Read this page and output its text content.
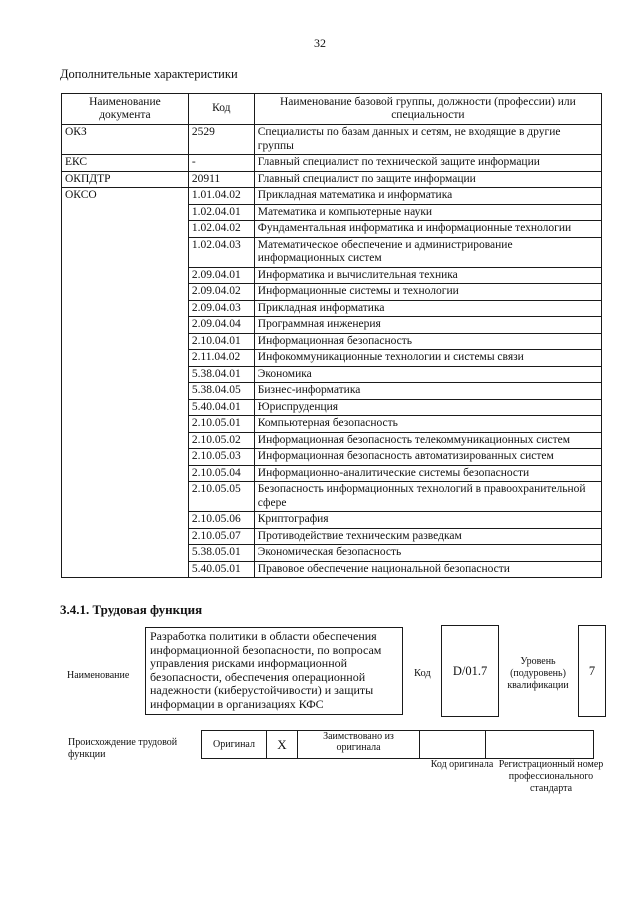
32
Дополнительные характеристики
Наименование документа	Код	Наименование базовой группы, должности (профессии) или специальности
ОКЗ	2529	Специалисты по базам данных и сетям, не входящие в другие группы
ЕКС	-	Главный специалист по технической защите информации
ОКПДТР	20911	Главный специалист по защите информации
ОКСО	1.01.04.02	Прикладная математика и информатика
	1.02.04.01	Математика и компьютерные науки
	1.02.04.02	Фундаментальная информатика и информационные технологии
	1.02.04.03	Математическое обеспечение и администрирование информационных систем
	2.09.04.01	Информатика и вычислительная техника
	2.09.04.02	Информационные системы и технологии
	2.09.04.03	Прикладная информатика
	2.09.04.04	Программная инженерия
	2.10.04.01	Информационная безопасность
	2.11.04.02	Инфокоммуникационные технологии и системы связи
	5.38.04.01	Экономика
	5.38.04.05	Бизнес-информатика
	5.40.04.01	Юриспруденция
	2.10.05.01	Компьютерная безопасность
	2.10.05.02	Информационная безопасность телекоммуникационных систем
	2.10.05.03	Информационная безопасность автоматизированных систем
	2.10.05.04	Информационно-аналитические системы безопасности
	2.10.05.05	Безопасность информационных технологий в правоохранительной сфере
	2.10.05.06	Криптография
	2.10.05.07	Противодействие техническим разведкам
	5.38.05.01	Экономическая безопасность
	5.40.05.01	Правовое обеспечение национальной безопасности
3.4.1. Трудовая функция
Наименование
Разработка политики в области обеспечения информационной безопасности, по вопросам управления рисками информационной безопасности, обеспечения операционной надежности (киберустойчивости) и защиты информации в организациях КФС
Код D/01.7
Уровень (подуровень) квалификации
7
Происхождение трудовой функции
Оригинал	X	Заимствовано из оригинала		
Код оригинала Регистрационный номер профессионального стандарта
